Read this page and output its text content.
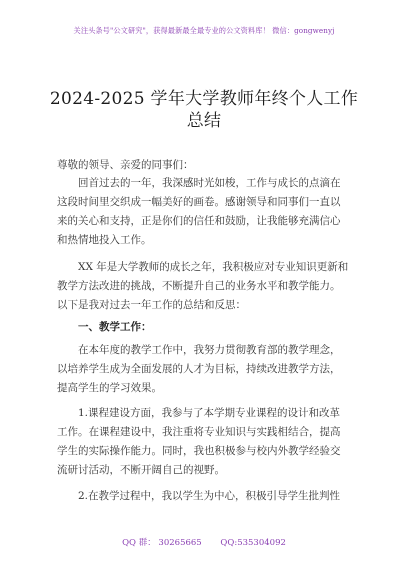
关注头条号"公文研究"，获得最新最全最专业的公文资料库！ 微信：gongwenyj
2024-2025 学年大学教师年终个人工作
总结
尊敬的领导、亲爱的同事们：
回首过去的一年，我深感时光如梭，工作与成长的点滴在
这段时间里交织成一幅美好的画卷。感谢领导和同事们一直以
来的关心和支持，正是你们的信任和鼓励，让我能够充满信心
和热情地投入工作。
XX 年是大学教师的成长之年，我积极应对专业知识更新和
教学方法改进的挑战，不断提升自己的业务水平和教学能力。
以下是我对过去一年工作的总结和反思：
一、教学工作：
在本年度的教学工作中，我努力贯彻教育部的教学理念，
以培养学生成为全面发展的人才为目标，持续改进教学方法，
提高学生的学习效果。
1.课程建设方面，我参与了本学期专业课程的设计和改革
工作。在课程建设中，我注重将专业知识与实践相结合，提高
学生的实际操作能力。同时，我也积极参与校内外教学经验交
流研讨活动，不断开阔自己的视野。
2.在教学过程中，我以学生为中心，积极引导学生批判性
QQ 群： 30265665 QQ:535304092
